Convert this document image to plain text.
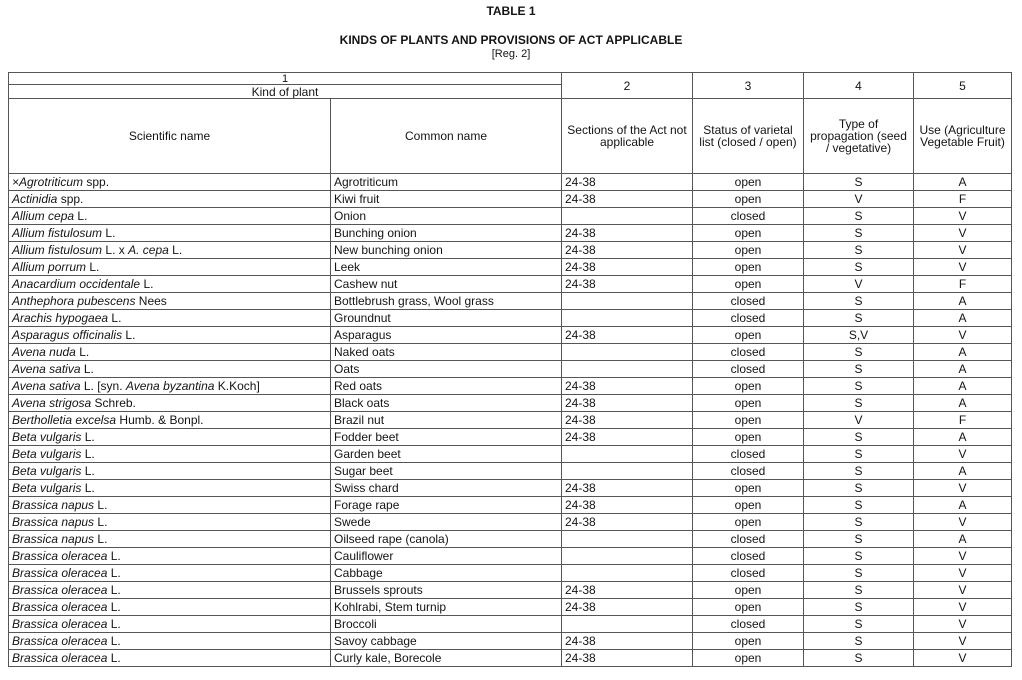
TABLE 1
KINDS OF PLANTS AND PROVISIONS OF ACT APPLICABLE
[Reg. 2]
1		2	3	4	5
Kind of plant					
Scientific name	Common name	Sections of the Act not applicable	Status of varietal list (closed / open)	Type of propagation (seed / vegetative)	Use (Agriculture Vegetable Fruit)
×Agrotriticum spp.	Agrotriticum	24-38	open	S	A
Actinidia spp.	Kiwi fruit	24-38	open	V	F
Allium cepa L.	Onion		closed	S	V
Allium fistulosum L.	Bunching onion	24-38	open	S	V
Allium fistulosum L. x A. cepa L.	New bunching onion	24-38	open	S	V
Allium porrum L.	Leek	24-38	open	S	V
Anacardium occidentale L.	Cashew nut	24-38	open	V	F
Anthephora pubescens Nees	Bottlebrush grass, Wool grass		closed	S	A
Arachis hypogaea L.	Groundnut		closed	S	A
Asparagus officinalis L.	Asparagus	24-38	open	S,V	V
Avena nuda L.	Naked oats		closed	S	A
Avena sativa L.	Oats		closed	S	A
Avena sativa L. [syn. Avena byzantina K.Koch]	Red oats	24-38	open	S	A
Avena strigosa Schreb.	Black oats	24-38	open	S	A
Bertholletia excelsa Humb. & Bonpl.	Brazil nut	24-38	open	V	F
Beta vulgaris L.	Fodder beet	24-38	open	S	A
Beta vulgaris L.	Garden beet		closed	S	V
Beta vulgaris L.	Sugar beet		closed	S	A
Beta vulgaris L.	Swiss chard	24-38	open	S	V
Brassica napus L.	Forage rape	24-38	open	S	A
Brassica napus L.	Swede	24-38	open	S	V
Brassica napus L.	Oilseed rape (canola)		closed	S	A
Brassica oleracea L.	Cauliflower		closed	S	V
Brassica oleracea L.	Cabbage		closed	S	V
Brassica oleracea L.	Brussels sprouts	24-38	open	S	V
Brassica oleracea L.	Kohlrabi, Stem turnip	24-38	open	S	V
Brassica oleracea L.	Broccoli		closed	S	V
Brassica oleracea L.	Savoy cabbage	24-38	open	S	V
Brassica oleracea L.	Curly kale, Borecole	24-38	open	S	V
